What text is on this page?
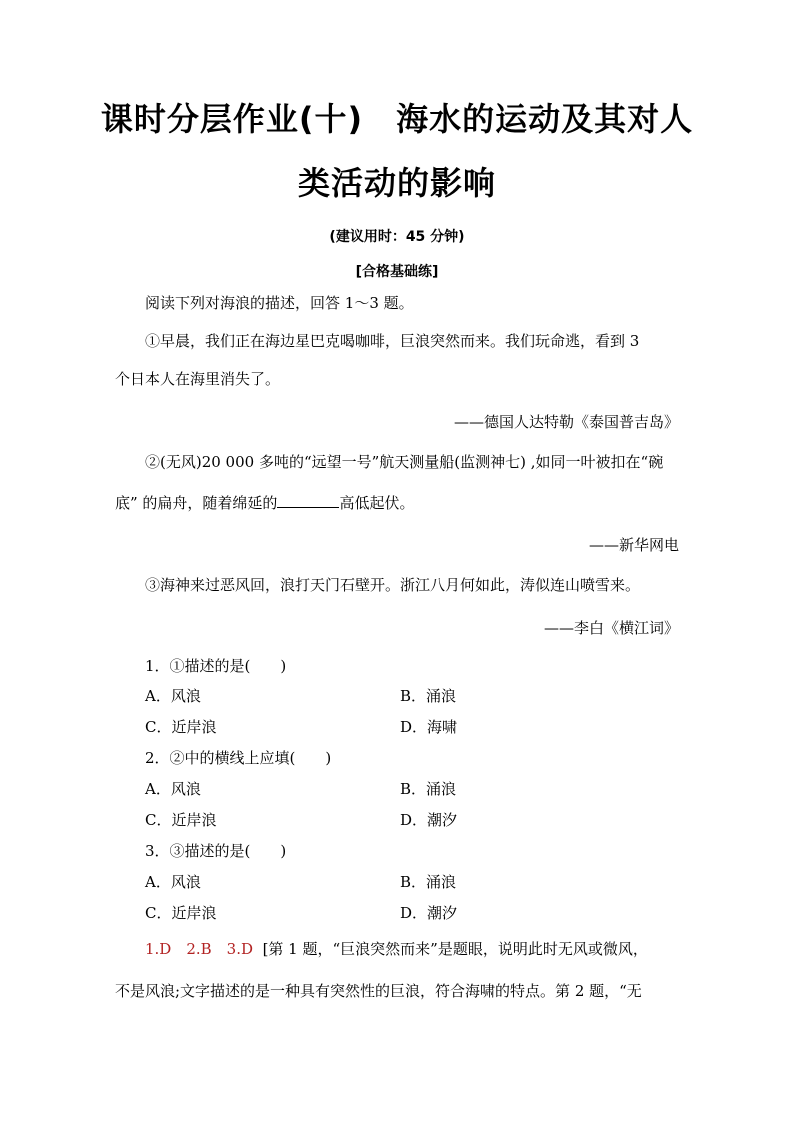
课时分层作业(十)　海水的运动及其对人
类活动的影响
(建议用时：45 分钟)
[合格基础练]
阅读下列对海浪的描述，回答 1～3 题。
①早晨，我们正在海边星巴克喝咖啡，巨浪突然而来。我们玩命逃，看到 3
个日本人在海里消失了。
——德国人达特勒《泰国普吉岛》
②(无风)20 000 多吨的“远望一号”航天测量船(监测神七) ,如同一叶被扣在“碗
底” 的扁舟，随着绵延的	高低起伏。
——新华网电
③海神来过恶风回，浪打天门石壁开。浙江八月何如此，涛似连山喷雪来。
——李白《横江词》
1．①描述的是(　　)
A．风浪	B．涌浪
C．近岸浪	D．海啸
2．②中的横线上应填(　　)
A．风浪	B．涌浪
C．近岸浪	D．潮汐
3．③描述的是(　　)
A．风浪	B．涌浪
C．近岸浪	D．潮汐
1.D　2.B　3.D [第 1 题，“巨浪突然而来”是题眼，说明此时无风或微风，
不是风浪;文字描述的是一种具有突然性的巨浪，符合海啸的特点。第 2 题，“无
